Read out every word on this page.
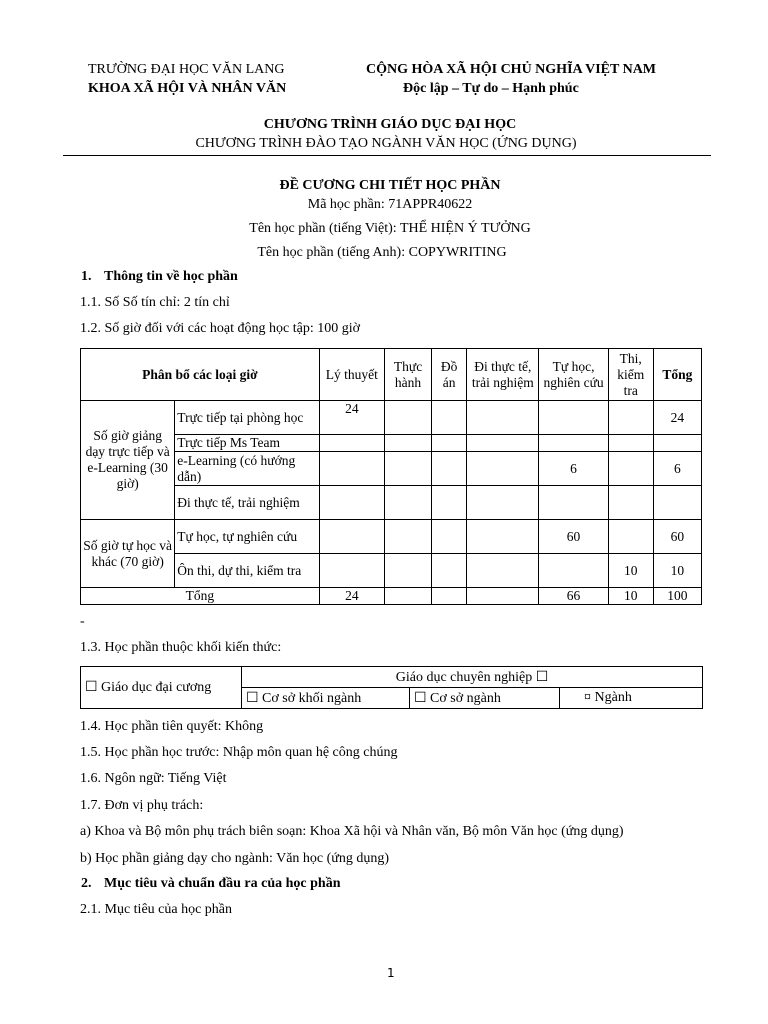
TRƯỜNG ĐẠI HỌC VĂN LANG
KHOA XÃ HỘI VÀ NHÂN VĂN
CỘNG HÒA XÃ HỘI CHỦ NGHĨA VIỆT NAM
Độc lập – Tự do – Hạnh phúc
CHƯƠNG TRÌNH GIÁO DỤC ĐẠI HỌC
CHƯƠNG TRÌNH ĐÀO TẠO NGÀNH VĂN HỌC (ỨNG DỤNG)
ĐỀ CƯƠNG CHI TIẾT HỌC PHẦN
Mã học phần: 71APPR40622
Tên học phần (tiếng Việt): THỂ HIỆN Ý TƯỞNG
Tên học phần (tiếng Anh): COPYWRITING
1. Thông tin về học phần
1.1. Số Số tín chỉ: 2 tín chỉ
1.2. Số giờ đối với các hoạt động học tập: 100 giờ
Phân bổ các loại giờ		Lý thuyết	Thực hành	Đồ án	Đi thực tế, trải nghiệm	Tự học, nghiên cứu	Thi, kiểm tra	Tổng
Số giờ giảng dạy trực tiếp và e-Learning (30 giờ)	Trực tiếp tại phòng học	24						24
	Trực tiếp Ms Team							
	e-Learning (có hướng dẫn)					6		6
	Đi thực tế, trải nghiệm							
Số giờ tự học và khác (70 giờ)	Tự học, tự nghiên cứu					60		60
	Ôn thi, dự thi, kiểm tra						10	10
Tổng		24				66	10	100
-
1.3. Học phần thuộc khối kiến thức:
☐ Giáo dục đại cương	Giáo dục chuyên nghiệp ☐		
	☐ Cơ sở khối ngành	☐ Cơ sở ngành	¤ Ngành
1.4. Học phần tiên quyết: Không
1.5. Học phần học trước: Nhập môn quan hệ công chúng
1.6. Ngôn ngữ: Tiếng Việt
1.7. Đơn vị phụ trách:
a) Khoa và Bộ môn phụ trách biên soạn: Khoa Xã hội và Nhân văn, Bộ môn Văn học (ứng dụng)
b) Học phần giảng dạy cho ngành: Văn học (ứng dụng)
2. Mục tiêu và chuẩn đầu ra của học phần
2.1. Mục tiêu của học phần
1
